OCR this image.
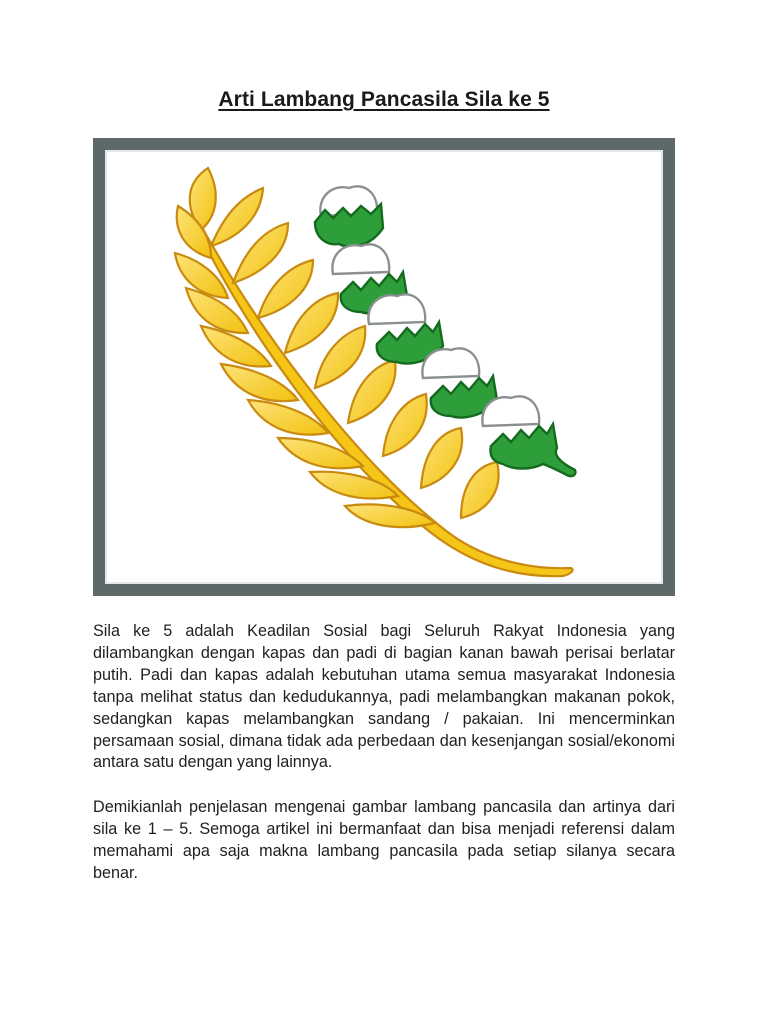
Arti Lambang Pancasila Sila ke 5
Sila ke 5 adalah Keadilan Sosial bagi Seluruh Rakyat Indonesia yang dilambangkan dengan kapas dan padi di bagian kanan bawah perisai berlatar putih. Padi dan kapas adalah kebutuhan utama semua masyarakat Indonesia tanpa melihat status dan kedudukannya, padi melambangkan makanan pokok, sedangkan kapas melambangkan sandang / pakaian. Ini mencerminkan persamaan sosial, dimana tidak ada perbedaan dan kesenjangan sosial/ekonomi antara satu dengan yang lainnya.
Demikianlah penjelasan mengenai gambar lambang pancasila dan artinya dari sila ke 1 – 5. Semoga artikel ini bermanfaat dan bisa menjadi referensi dalam memahami apa saja makna lambang pancasila pada setiap silanya secara benar.
